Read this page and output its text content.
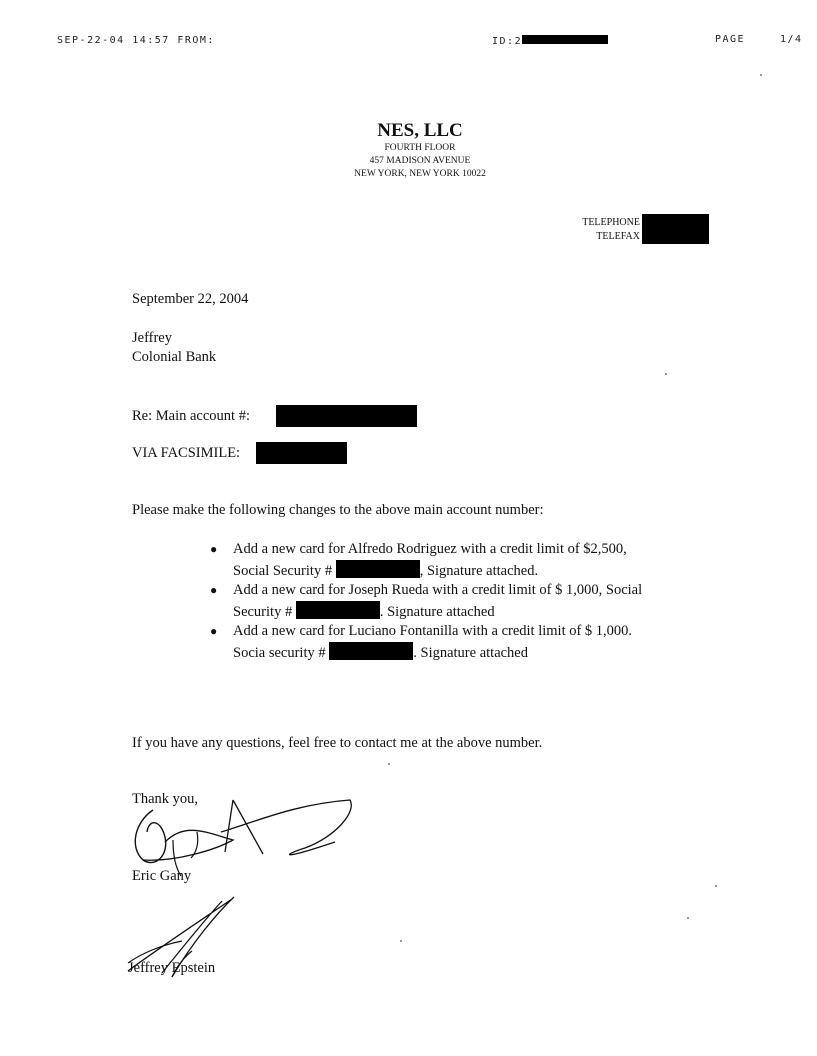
SEP-22-04 14:57 FROM:	ID:2	PAGE	1/4
NES, LLC
FOURTH FLOOR
457 MADISON AVENUE
NEW YORK, NEW YORK 10022
TELEPHONE
TELEFAX
September 22, 2004
Jeffrey
Colonial Bank
Re: Main account #:
VIA FACSIMILE:
Please make the following changes to the above main account number:
● Add a new card for Alfredo Rodriguez with a credit limit of $2,500,
Social Security #	, Signature attached.
● Add a new card for Joseph Rueda with a credit limit of $ 1,000, Social
Security #	. Signature attached
● Add a new card for Luciano Fontanilla with a credit limit of $ 1,000.
Socia security #	. Signature attached
If you have any questions, feel free to contact me at the above number.
Thank you,
Eric Gany
Jeffrey Epstein
